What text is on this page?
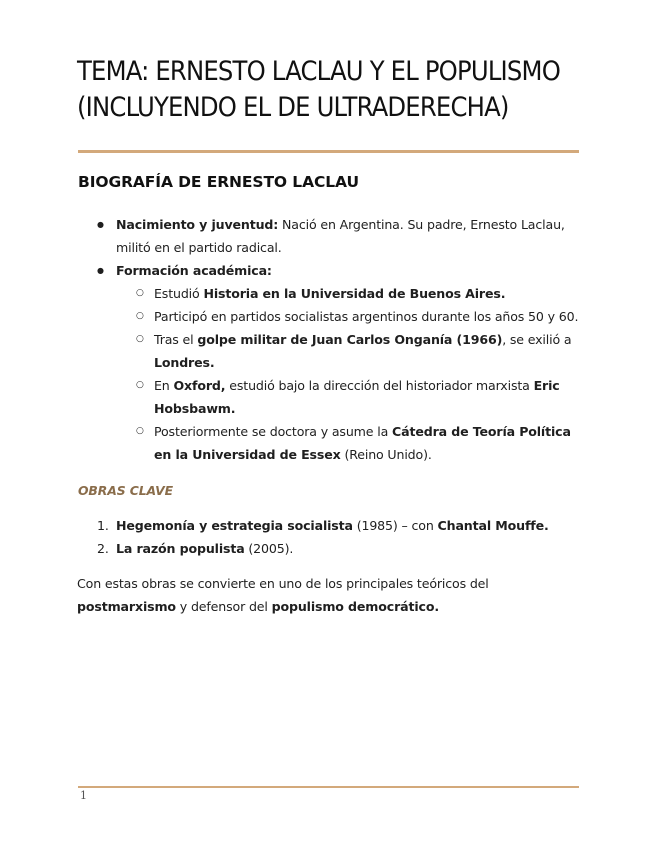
TEMA: ERNESTO LACLAU Y EL POPULISMO
(INCLUYENDO EL DE ULTRADERECHA)
BIOGRAFÍA DE ERNESTO LACLAU
● Nacimiento y juventud: Nació en Argentina. Su padre, Ernesto Laclau, militó en el partido radical.
● Formación académica:
○ Estudió Historia en la Universidad de Buenos Aires.
○ Participó en partidos socialistas argentinos durante los años 50 y 60.
○ Tras el golpe militar de Juan Carlos Onganía (1966), se exilió a Londres.
○ En Oxford, estudió bajo la dirección del historiador marxista Eric Hobsbawm.
○ Posteriormente se doctora y asume la Cátedra de Teoría Política en la Universidad de Essex (Reino Unido).
OBRAS CLAVE
1. Hegemonía y estrategia socialista (1985) – con Chantal Mouffe.
2. La razón populista (2005).

Con estas obras se convierte en uno de los principales teóricos del postmarxismo y defensor del populismo democrático.

1
